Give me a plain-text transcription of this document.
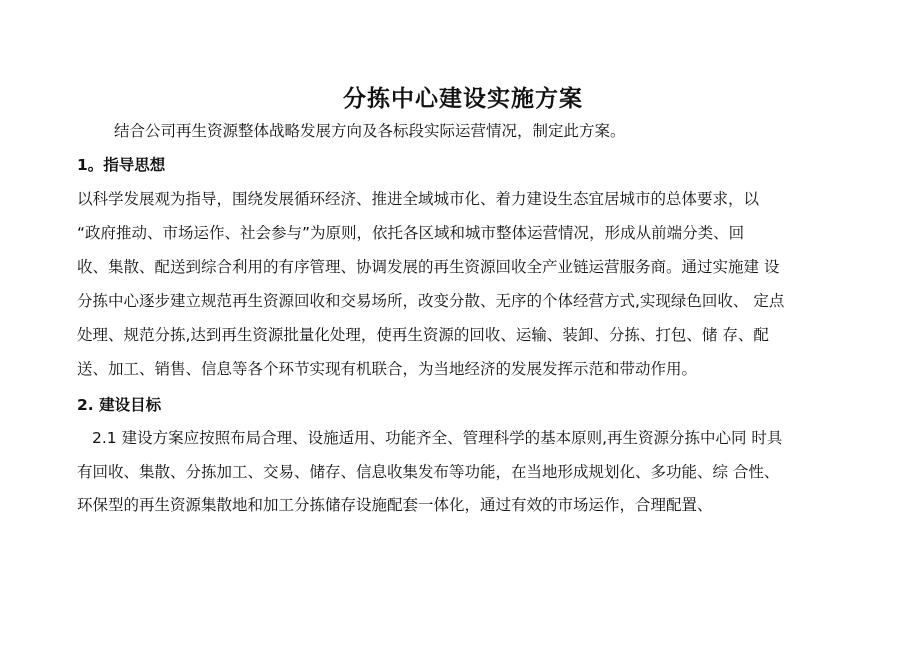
分拣中心建设实施方案
结合公司再生资源整体战略发展方向及各标段实际运营情况，制定此方案。
1。指导思想
以科学发展观为指导，围绕发展循环经济、推进全域城市化、着力建设生态宜居城市的总体要求，以
“政府推动、市场运作、社会参与”为原则，依托各区域和城市整体运营情况，形成从前端分类、回
收、集散、配送到综合利用的有序管理、协调发展的再生资源回收全产业链运营服务商。通过实施建 设
分拣中心逐步建立规范再生资源回收和交易场所，改变分散、无序的个体经营方式,实现绿色回收、 定点
处理、规范分拣,达到再生资源批量化处理，使再生资源的回收、运输、装卸、分拣、打包、储 存、配
送、加工、销售、信息等各个环节实现有机联合，为当地经济的发展发挥示范和带动作用。
2. 建设目标
2.1 建设方案应按照布局合理、设施适用、功能齐全、管理科学的基本原则,再生资源分拣中心同 时具
有回收、集散、分拣加工、交易、储存、信息收集发布等功能，在当地形成规划化、多功能、综 合性、
环保型的再生资源集散地和加工分拣储存设施配套一体化，通过有效的市场运作，合理配置、
